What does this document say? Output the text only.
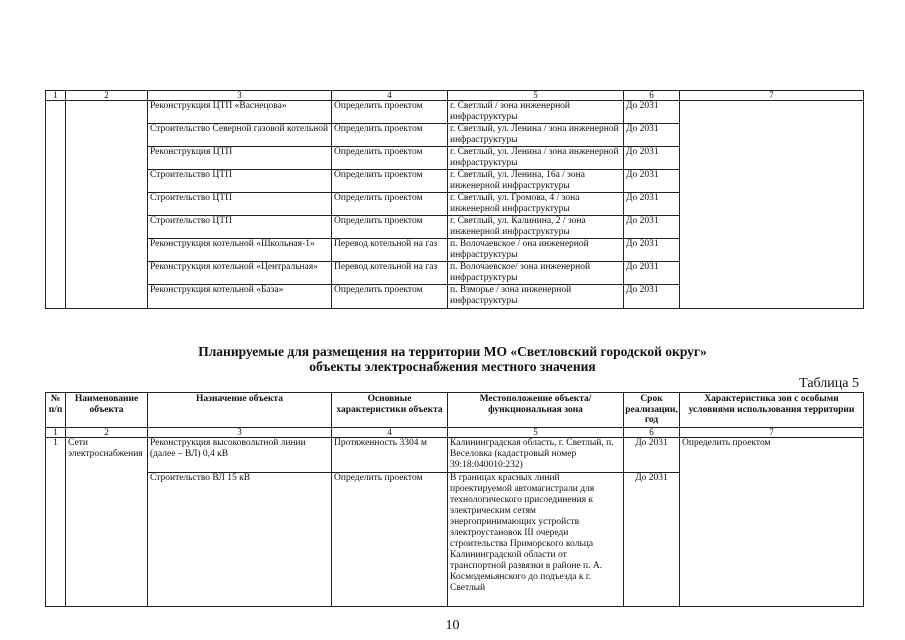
1	2	3	4	5	6	7
		Реконструкция ЦТП «Васнецова»	Определить проектом	г. Светлый / зона инженерной инфраструктуры	До 2031	
		Строительство Северной газовой котельной	Определить проектом	г. Светлый, ул. Ленина / зона инженерной инфраструктуры	До 2031	
		Реконструкция ЦТП	Определить проектом	г. Светлый, ул. Ленина / зона инженерной инфраструктуры	До 2031	
		Строительство ЦТП	Определить проектом	г. Светлый, ул. Ленина, 16а / зона инженерной инфраструктуры	До 2031	
		Строительство ЦТП	Определить проектом	г. Светлый, ул. Громова, 4 / зона инженерной инфраструктуры	До 2031	
		Строительство ЦТП	Определить проектом	г. Светлый, ул. Калинина, 2 / зона инженерной инфраструктуры	До 2031	
		Реконструкция котельной «Школьная-1»	Перевод котельной на газ	п. Волочаевское / она инженерной инфраструктуры	До 2031	
		Реконструкция котельной «Центральная»	Перевод котельной на газ	п. Волочаевское/ зона инженерной инфраструктуры	До 2031	
		Реконструкция котельной «База»	Определить проектом	п. Взморье / зона инженерной инфраструктуры	До 2031	
Планируемые для размещения на территории МО «Светловский городской округ»
объекты электроснабжения местного значения
Таблица 5
№ п/п	Наименование объекта	Назначение объекта	Основные характеристики объекта	Местоположение объекта/функциональная зона	Срок реализации, год	Характеристика зон с особыми условиями использования территории
1	2	3	4	5	6	7
1	Сети электроснабжения	Реконструкция высоковольтной линии (далее – ВЛ) 0,4 кВ	Протяженность 3304 м	Калининградская область, г. Светлый, п. Веселовка (кадастровый номер 39:18:040010:232)	До 2031	Определить проектом
		Строительство ВЛ 15 кВ	Определить проектом	В границах красных линий проектируемой автомагистрали для технологического присоединения к электрическим сетям энергопринимающих устройств электроустановок III очереди строительства Приморского кольца Калининградской области от транспортной развязки в районе п. А. Космодемьянского до подъезда к г. Светлый	До 2031	
10
